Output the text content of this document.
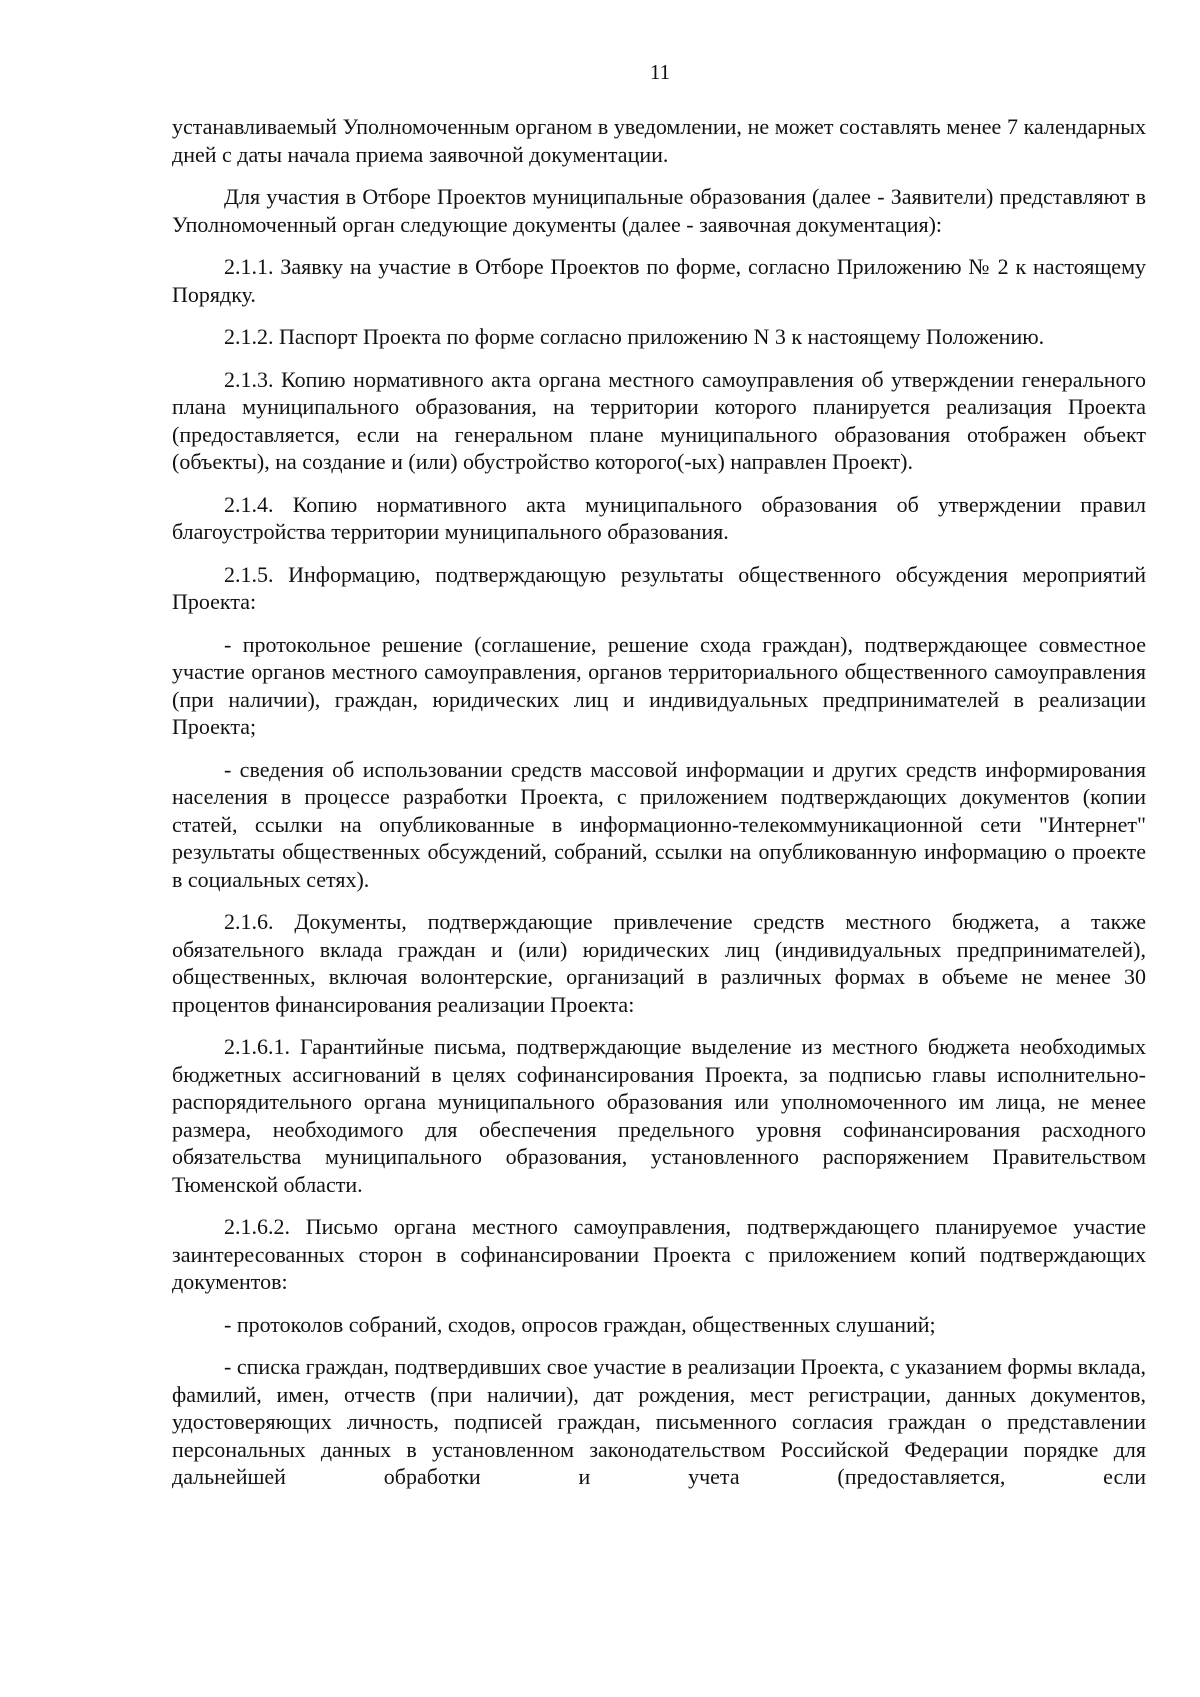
11

устанавливаемый Уполномоченным органом в уведомлении, не может составлять менее 7 календарных дней с даты начала приема заявочной документации.

Для участия в Отборе Проектов муниципальные образования (далее - Заявители) представляют в Уполномоченный орган следующие документы (далее - заявочная документация):

2.1.1. Заявку на участие в Отборе Проектов по форме, согласно Приложению № 2 к настоящему Порядку.

2.1.2. Паспорт Проекта по форме согласно приложению N 3 к настоящему Положению.

2.1.3. Копию нормативного акта органа местного самоуправления об утверждении генерального плана муниципального образования, на территории которого планируется реализация Проекта (предоставляется, если на генеральном плане муниципального образования отображен объект (объекты), на создание и (или) обустройство которого(-ых) направлен Проект).

2.1.4. Копию нормативного акта муниципального образования об утверждении правил благоустройства территории муниципального образования.

2.1.5. Информацию, подтверждающую результаты общественного обсуждения мероприятий Проекта:

- протокольное решение (соглашение, решение схода граждан), подтверждающее совместное участие органов местного самоуправления, органов территориального общественного самоуправления (при наличии), граждан, юридических лиц и индивидуальных предпринимателей в реализации Проекта;

- сведения об использовании средств массовой информации и других средств информирования населения в процессе разработки Проекта, с приложением подтверждающих документов (копии статей, ссылки на опубликованные в информационно-телекоммуникационной сети "Интернет" результаты общественных обсуждений, собраний, ссылки на опубликованную информацию о проекте в социальных сетях).

2.1.6. Документы, подтверждающие привлечение средств местного бюджета, а также обязательного вклада граждан и (или) юридических лиц (индивидуальных предпринимателей), общественных, включая волонтерские, организаций в различных формах в объеме не менее 30 процентов финансирования реализации Проекта:

2.1.6.1. Гарантийные письма, подтверждающие выделение из местного бюджета необходимых бюджетных ассигнований в целях софинансирования Проекта, за подписью главы исполнительно-распорядительного органа муниципального образования или уполномоченного им лица, не менее размера, необходимого для обеспечения предельного уровня софинансирования расходного обязательства муниципального образования, установленного распоряжением Правительством Тюменской области.

2.1.6.2. Письмо органа местного самоуправления, подтверждающего планируемое участие заинтересованных сторон в софинансировании Проекта с приложением копий подтверждающих документов:

- протоколов собраний, сходов, опросов граждан, общественных слушаний;

- списка граждан, подтвердивших свое участие в реализации Проекта, с указанием формы вклада, фамилий, имен, отчеств (при наличии), дат рождения, мест регистрации, данных документов, удостоверяющих личность, подписей граждан, письменного согласия граждан о представлении персональных данных в установленном законодательством Российской Федерации порядке для дальнейшей обработки и учета (предоставляется, если
